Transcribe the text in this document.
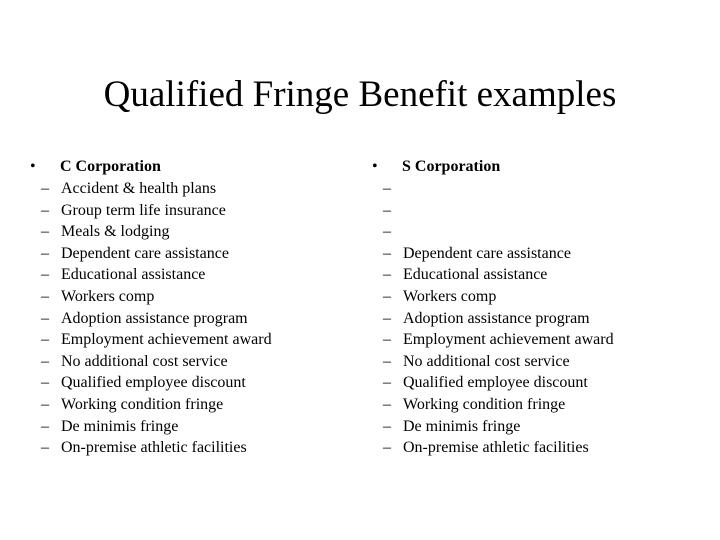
Qualified Fringe Benefit examples
•	C Corporation
– Accident & health plans
– Group term life insurance
– Meals & lodging
– Dependent care assistance
– Educational assistance
– Workers comp
– Adoption assistance program
– Employment achievement award
– No additional cost service
– Qualified employee discount
– Working condition fringe
– De minimis fringe
– On-premise athletic facilities
•	S Corporation
–
–
–
– Dependent care assistance
– Educational assistance
– Workers comp
– Adoption assistance program
– Employment achievement award
– No additional cost service
– Qualified employee discount
– Working condition fringe
– De minimis fringe
– On-premise athletic facilities
